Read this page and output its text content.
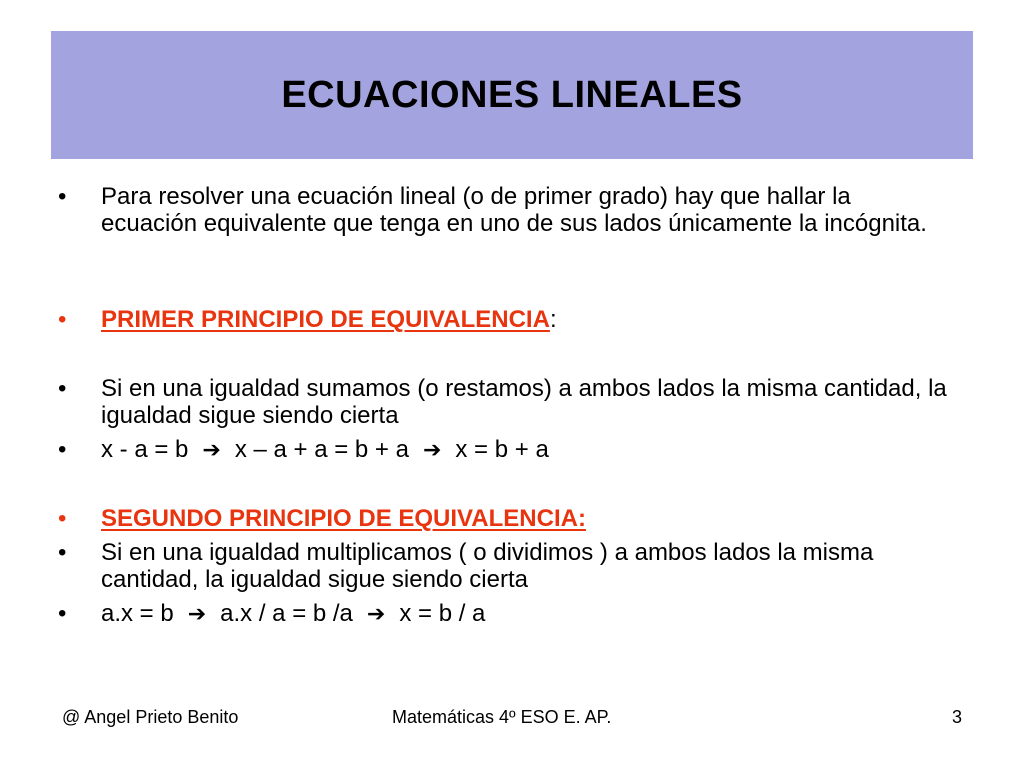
ECUACIONES LINEALES
•	Para resolver una ecuación lineal (o de primer grado) hay que hallar la ecuación equivalente que tenga en uno de sus lados únicamente la incógnita.
•	PRIMER PRINCIPIO DE EQUIVALENCIA:
•	Si en una igualdad sumamos (o restamos) a ambos lados la misma cantidad, la igualdad sigue siendo cierta
•	x - a = b ➔ x – a + a = b + a ➔ x = b + a
•	SEGUNDO PRINCIPIO DE EQUIVALENCIA:
•	Si en una igualdad multiplicamos ( o dividimos ) a ambos lados la misma cantidad, la igualdad sigue siendo cierta
•	a.x = b ➔ a.x / a = b /a ➔ x = b / a
@ Angel Prieto Benito	Matemáticas 4º ESO E. AP.	3
